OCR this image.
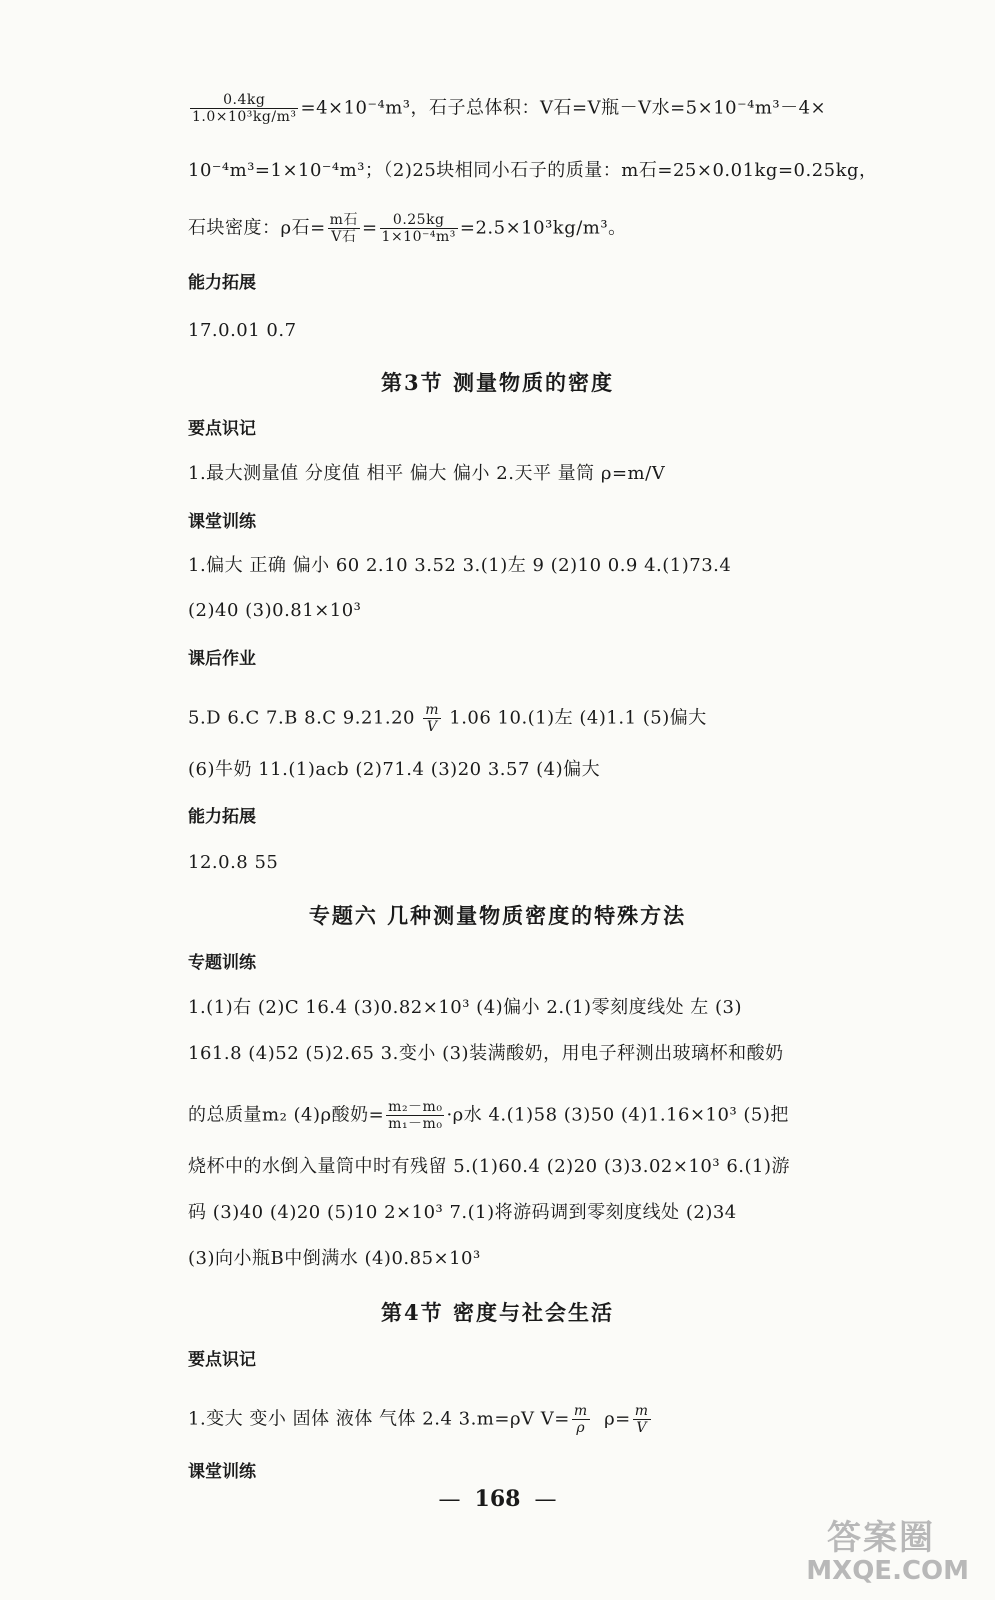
$\frac{0.4kg}{\text{1.0×10³kg/m³}} =4\times 10^{-4}m^3$，石子总体积：V石=V瓶－V水=5×10⁻⁴m³－4×
10⁻⁴m³=1×10⁻⁴m³；（2)25块相同小石子的质量：m石=25×0.01kg=0.25kg，
石块密度：ρ石= $\frac{\text{m石}}{\text{V石}} = \frac{0.25kg}{\text{1×10⁻⁴m³}} =2.5\times 10^3kg/m^3$。
能力拓展
17.0.01 0.7
第3节 测量物质的密度
要点识记
1.最大测量值 分度值 相平 偏大 偏小 2.天平 量筒 ρ=m/V
课堂训练
1.偏大 正确 偏小 60 2.10 3.52 3.(1)左 9 (2)10 0.9 4.(1)73.4
(2)40 (3)0.81×10³
课后作业
5.D 6.C 7.B 8.C $9.21.20 \frac{m}{V} 1.06$ 10.(1)左 (4)1.1 (5)偏大
(6)牛奶 11.(1)acb (2)71.4 (3)20 3.57 (4)偏大
能力拓展
12.0.8 55
专题六 几种测量物质密度的特殊方法
专题训练
1.(1)右 (2)C 16.4 (3)0.82×10³ (4)偏小 2.(1)零刻度线处 左 (3)
161.8 (4)52 (5)2.65 3.变小 (3)装满酸奶，用电子秤测出玻璃杯和酸奶
的总质量m₂ (4)ρ酸奶= $\frac{\text{m₂－m₀}}{\text{m₁－m₀}} \cdot\rho$水 4.(1)58 (3)50 (4)1.16×10³ (5)把
烧杯中的水倒入量筒中时有残留 5.(1)60.4 (2)20 (3)3.02×10³ 6.(1)游
码 (3)40 (4)20 (5)10 2×10³ 7.(1)将游码调到零刻度线处 (2)34
(3)向小瓶B中倒满水 (4)0.85×10³
第4节 密度与社会生活
要点识记
1.变大 变小 固体 液体 气体 2.4 3.m=ρV $V= \frac{m}{\rho} \rho= \frac{m}{V}$
课堂训练
— 168 —
答案圈
MXQE.COM
